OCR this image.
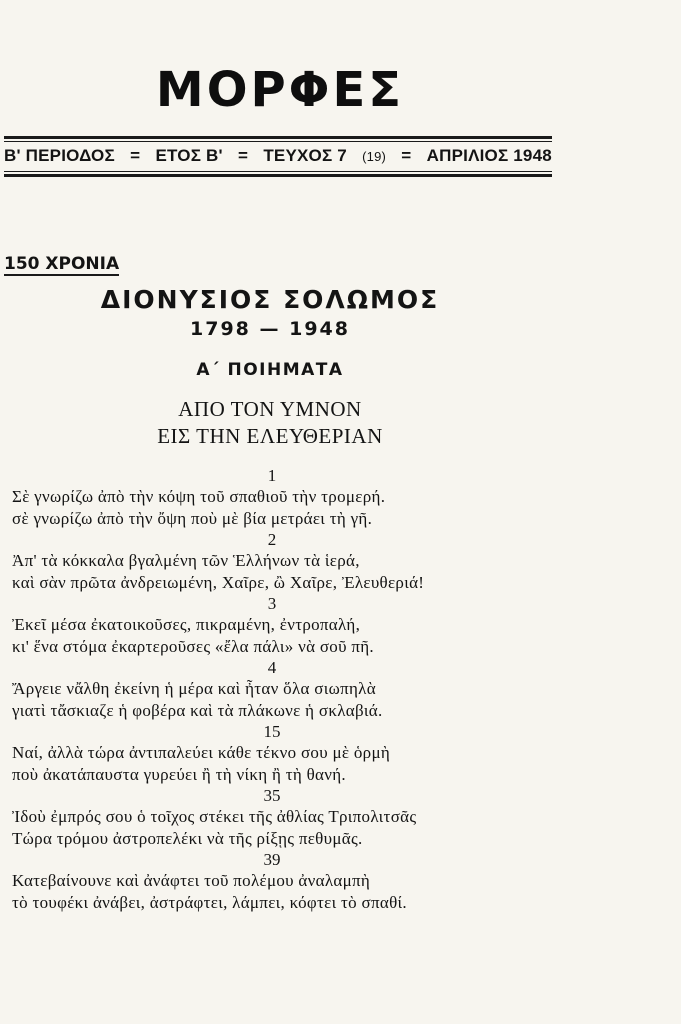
ΜΟΡΦΕΣ
Β' ΠΕΡΙΟΔΟΣ = ΕΤΟΣ Β' = ΤΕΥΧΟΣ 7 (19) = ΑΠΡΙΛΙΟΣ 1948
150 ΧΡΟΝΙΑ
ΔΙΟΝΥΣΙΟΣ ΣΟΛΩΜΟΣ
1798 — 1948
Α΄ ΠΟΙΗΜΑΤΑ
ΑΠΟ ΤΟΝ ΥΜΝΟΝ
ΕΙΣ ΤΗΝ ΕΛΕΥΘΕΡΙΑΝ
1
Σὲ γνωρίζω ἀπὸ τὴν κόψη τοῦ σπαθιοῦ τὴν τρομερή.
σὲ γνωρίζω ἀπὸ τὴν ὄψη ποὺ μὲ βία μετράει τὴ γῆ.
2
Ἀπ' τὰ κόκκαλα βγαλμένη τῶν Ἑλλήνων τὰ ἱερά,
καὶ σὰν πρῶτα ἀνδρειωμένη, Χαῖρε, ὢ Χαῖρε, Ἐλευθεριά!
3
Ἐκεῖ μέσα ἐκατοικοῦσες, πικραμένη, ἐντροπαλή,
κι' ἕνα στόμα ἐκαρτεροῦσες «ἔλα πάλι» νὰ σοῦ πῆ.
4
Ἄργειε νἄλθη ἐκείνη ἡ μέρα καὶ ἦταν ὅλα σιωπηλὰ
γιατὶ τἄσκιαζε ἡ φοβέρα καὶ τὰ πλάκωνε ἡ σκλαβιά.
15
Ναί, ἀλλὰ τώρα ἀντιπαλεύει κάθε τέκνο σου μὲ ὁρμὴ
ποὺ ἀκατάπαυστα γυρεύει ἢ τὴ νίκη ἢ τὴ θανή.
35
Ἰδοὺ ἐμπρός σου ὁ τοῖχος στέκει τῆς ἀθλίας Τριπολιτσᾶς
Τώρα τρόμου ἀστροπελέκι νὰ τῆς ρίξῃς πεθυμᾶς.
39
Κατεβαίνουνε καὶ ἀνάφτει τοῦ πολέμου ἀναλαμπὴ
τὸ τουφέκι ἀνάβει, ἀστράφτει, λάμπει, κόφτει τὸ σπαθί.
